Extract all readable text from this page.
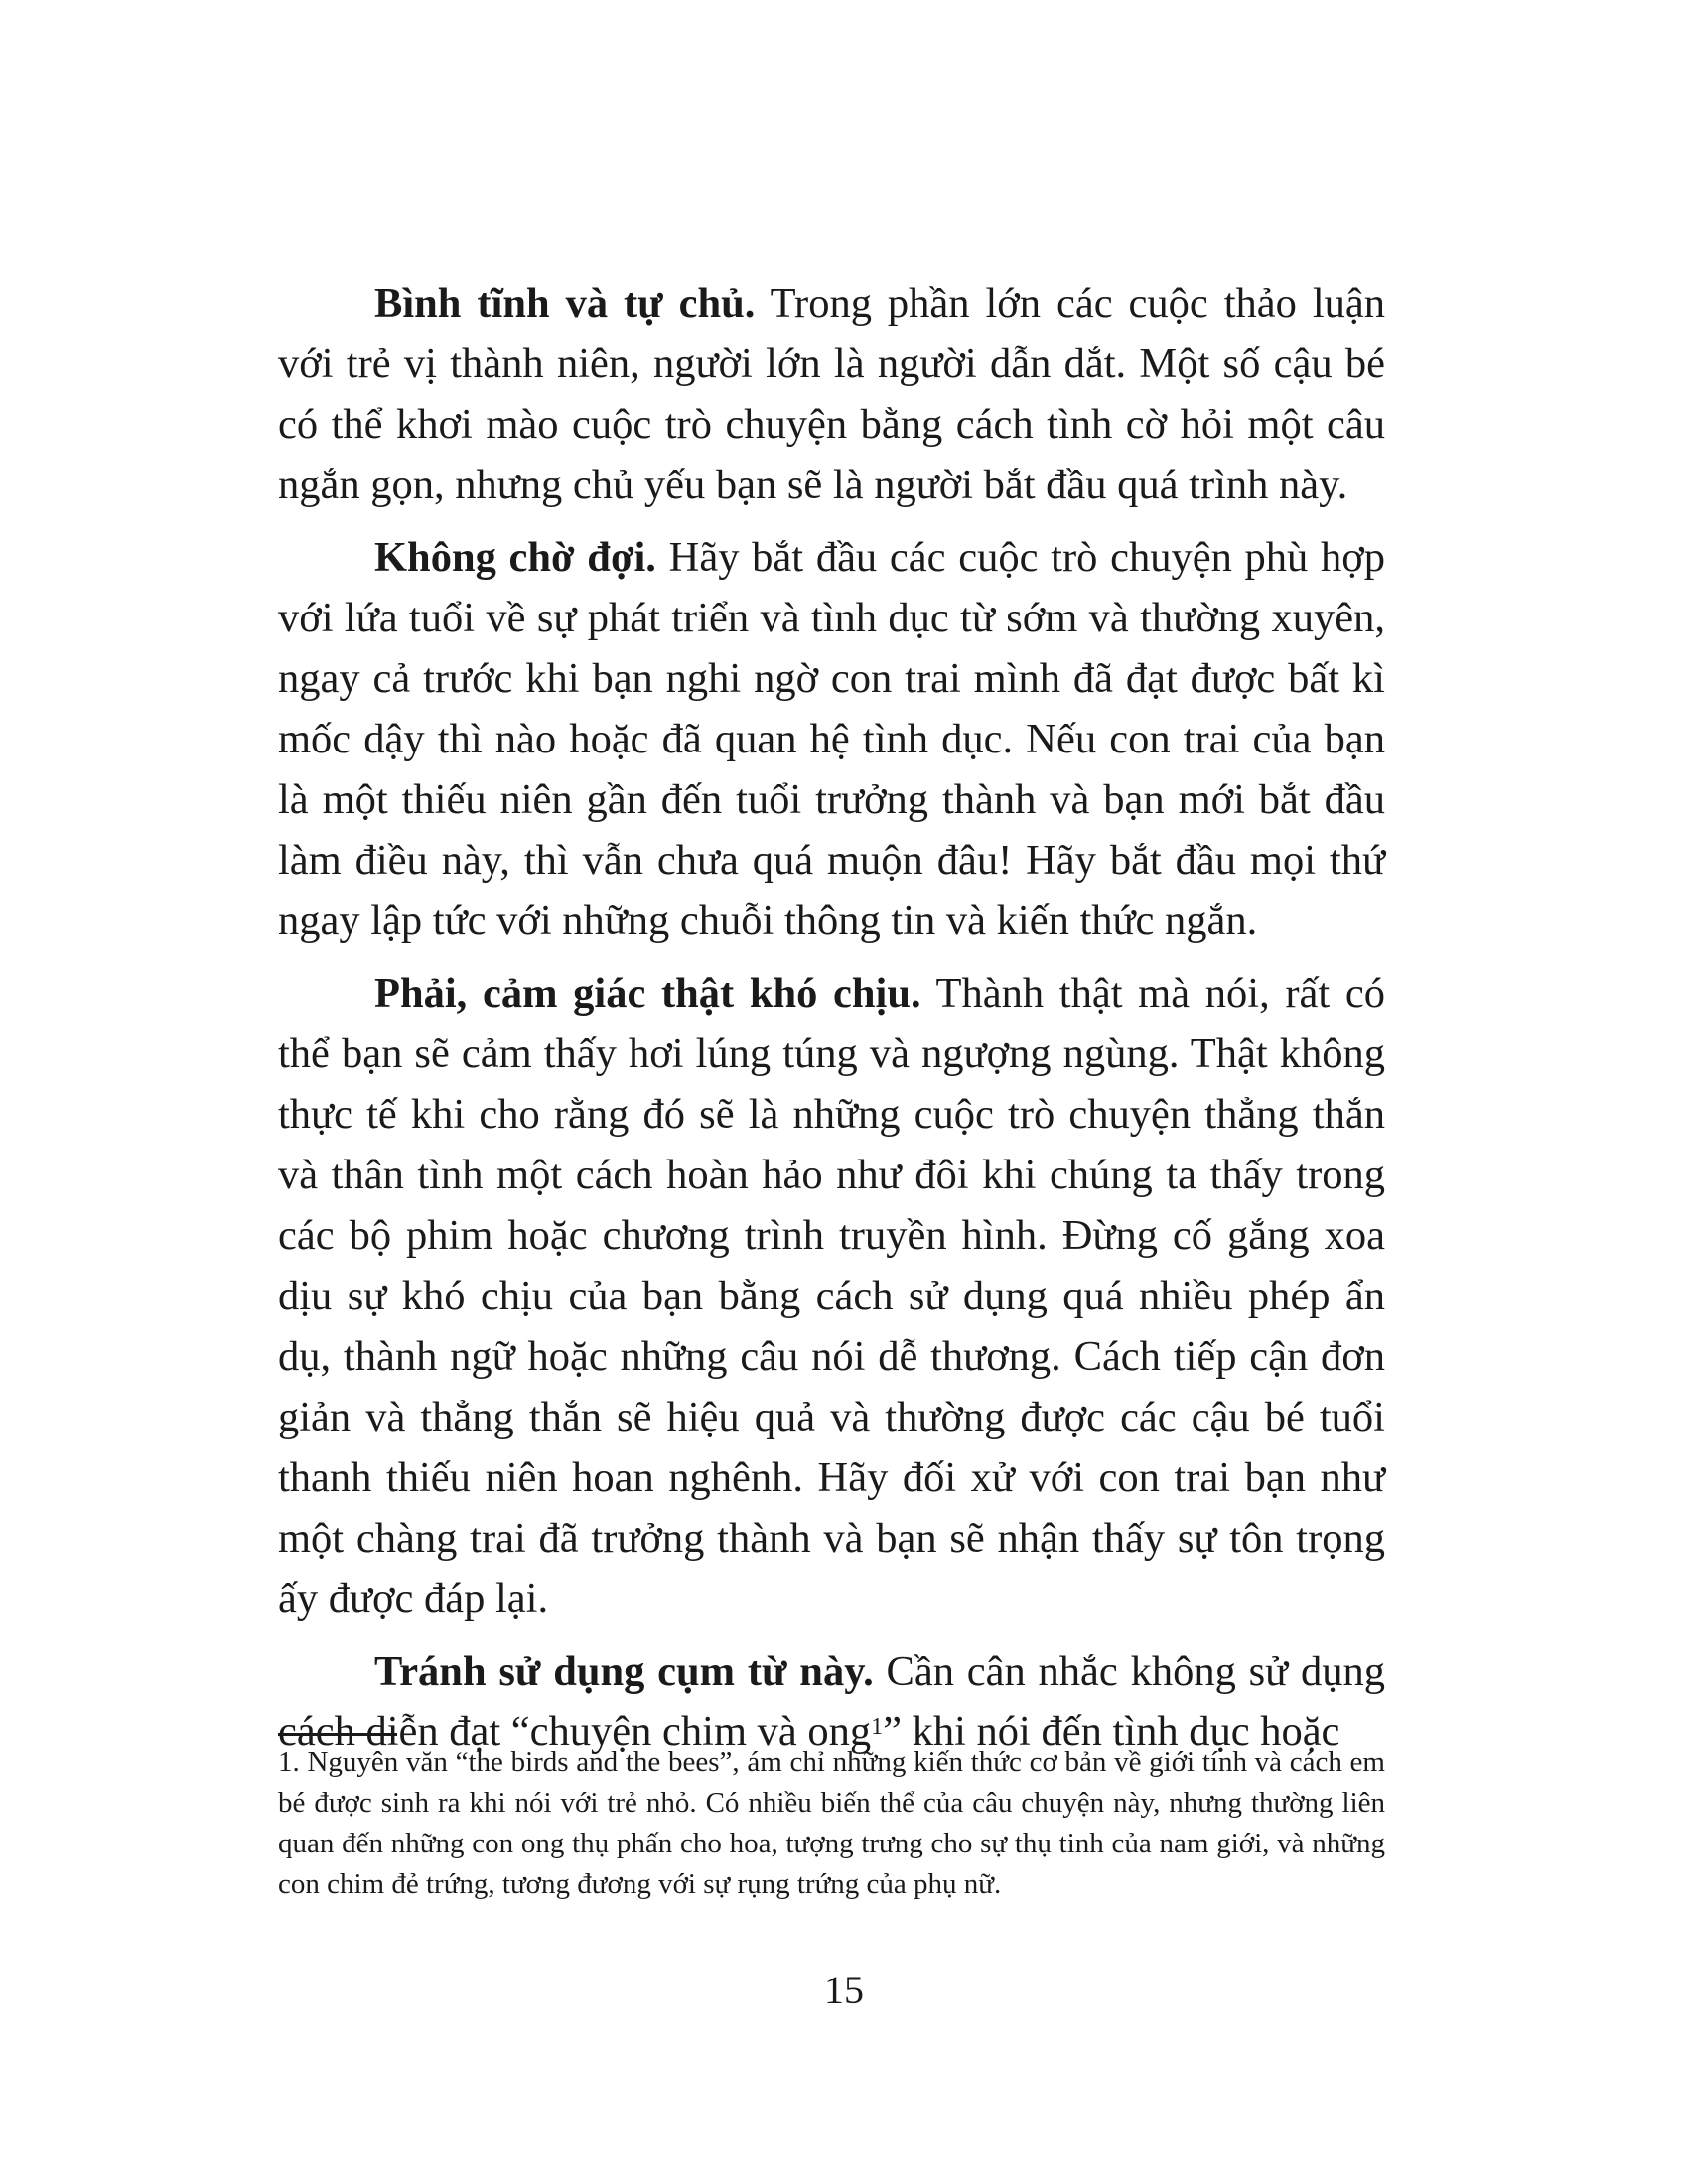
Bình tĩnh và tự chủ. Trong phần lớn các cuộc thảo luận với trẻ vị thành niên, người lớn là người dẫn dắt. Một số cậu bé có thể khơi mào cuộc trò chuyện bằng cách tình cờ hỏi một câu ngắn gọn, nhưng chủ yếu bạn sẽ là người bắt đầu quá trình này.

Không chờ đợi. Hãy bắt đầu các cuộc trò chuyện phù hợp với lứa tuổi về sự phát triển và tình dục từ sớm và thường xuyên, ngay cả trước khi bạn nghi ngờ con trai mình đã đạt được bất kì mốc dậy thì nào hoặc đã quan hệ tình dục. Nếu con trai của bạn là một thiếu niên gần đến tuổi trưởng thành và bạn mới bắt đầu làm điều này, thì vẫn chưa quá muộn đâu! Hãy bắt đầu mọi thứ ngay lập tức với những chuỗi thông tin và kiến thức ngắn.

Phải, cảm giác thật khó chịu. Thành thật mà nói, rất có thể bạn sẽ cảm thấy hơi lúng túng và ngượng ngùng. Thật không thực tế khi cho rằng đó sẽ là những cuộc trò chuyện thẳng thắn và thân tình một cách hoàn hảo như đôi khi chúng ta thấy trong các bộ phim hoặc chương trình truyền hình. Đừng cố gắng xoa dịu sự khó chịu của bạn bằng cách sử dụng quá nhiều phép ẩn dụ, thành ngữ hoặc những câu nói dễ thương. Cách tiếp cận đơn giản và thẳng thắn sẽ hiệu quả và thường được các cậu bé tuổi thanh thiếu niên hoan nghênh. Hãy đối xử với con trai bạn như một chàng trai đã trưởng thành và bạn sẽ nhận thấy sự tôn trọng ấy được đáp lại.

Tránh sử dụng cụm từ này. Cần cân nhắc không sử dụng cách diễn đạt “chuyện chim và ong$^1$” khi nói đến tình dục hoặc

1. Nguyên văn “the birds and the bees”, ám chỉ những kiến thức cơ bản về giới tính và cách em bé được sinh ra khi nói với trẻ nhỏ. Có nhiều biến thể của câu chuyện này, nhưng thường liên quan đến những con ong thụ phấn cho hoa, tượng trưng cho sự thụ tinh của nam giới, và những con chim đẻ trứng, tương đương với sự rụng trứng của phụ nữ.

15
